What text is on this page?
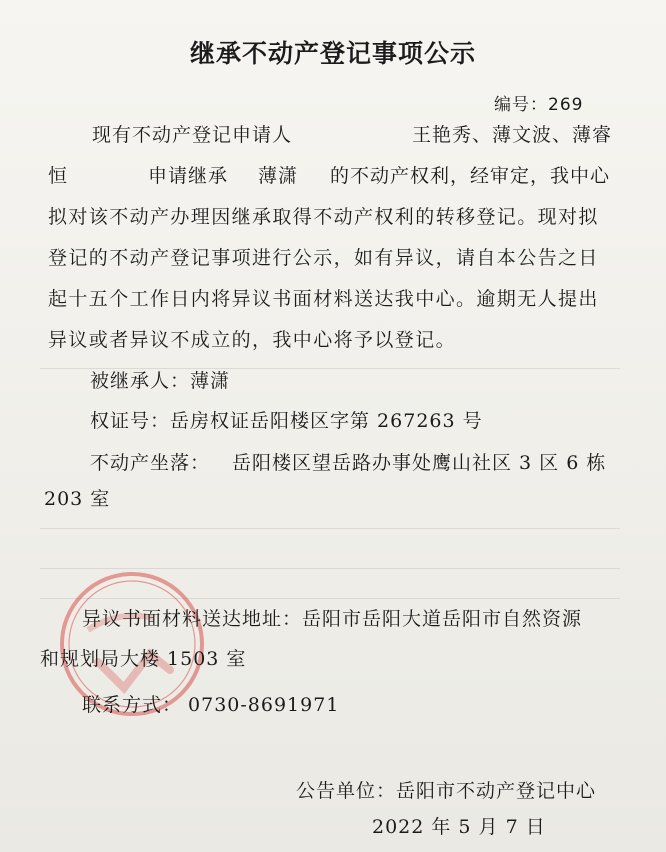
继承不动产登记事项公示
编号：269
现有不动产登记申请人	王艳秀、薄文波、薄睿
恒	申请继承 薄潇 的不动产权利，经审定，我中心
拟对该不动产办理因继承取得不动产权利的转移登记。现对拟
登记的不动产登记事项进行公示，如有异议，请自本公告之日
起十五个工作日内将异议书面材料送达我中心。逾期无人提出
异议或者异议不成立的，我中心将予以登记。
被继承人：薄潇
权证号：岳房权证岳阳楼区字第 267263 号
不动产坐落： 岳阳楼区望岳路办事处鹰山社区 3 区 6 栋
203 室
异议书面材料送达地址：岳阳市岳阳大道岳阳市自然资源
和规划局大楼 1503 室
联系方式： 0730-8691971
公告单位：岳阳市不动产登记中心
2022 年 5 月 7 日
